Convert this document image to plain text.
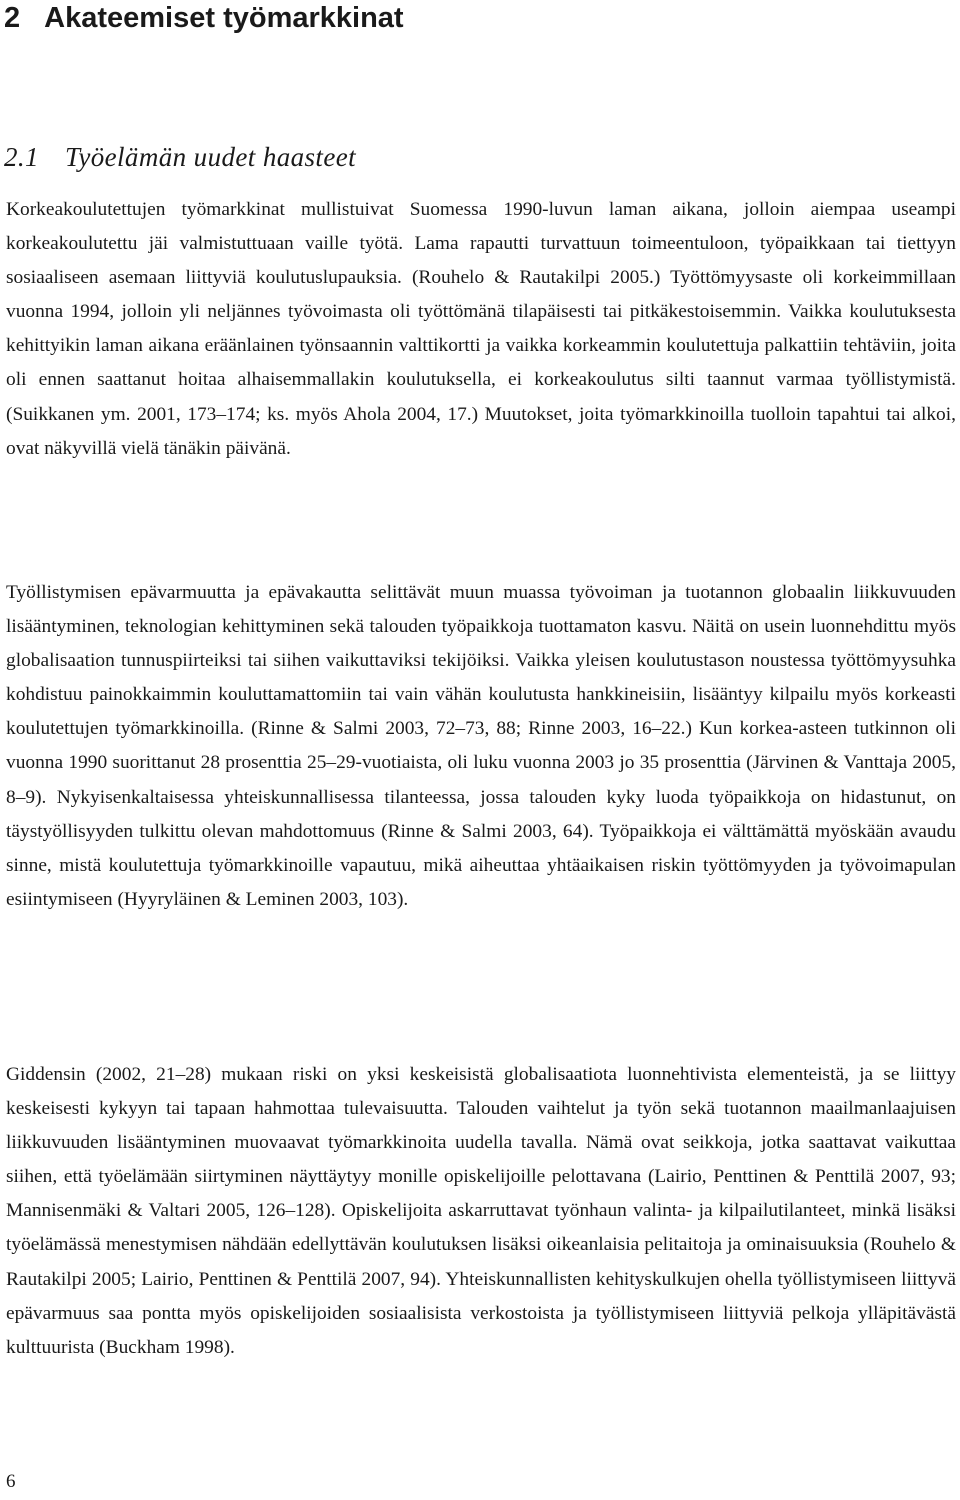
2 Akateemiset työmarkkinat
2.1 Työelämän uudet haasteet

Korkeakoulutettujen työmarkkinat mullistuivat Suomessa 1990-luvun laman aikana, jolloin aiempaa useampi korkeakoulutettu jäi valmistuttuaan vaille työtä. Lama rapautti turvattuun toimeentuloon, työpaikkaan tai tiettyyn sosiaaliseen asemaan liittyviä koulutuslupauksia. (Rouhelo & Rautakilpi 2005.) Työttömyysaste oli korkeimmillaan vuonna 1994, jolloin yli neljännes työvoimasta oli työttömänä tilapäisesti tai pitkäkestoisemmin. Vaikka koulutuksesta kehittyikin laman aikana eräänlainen työnsaannin valttikortti ja vaikka korkeammin koulutettuja palkattiin tehtäviin, joita oli ennen saattanut hoitaa alhaisemmallakin koulutuksella, ei korkeakoulutus silti taannut varmaa työllistymistä. (Suikkanen ym. 2001, 173–174; ks. myös Ahola 2004, 17.) Muutokset, joita työmarkkinoilla tuolloin tapahtui tai alkoi, ovat näkyvillä vielä tänäkin päivänä.

Työllistymisen epävarmuutta ja epävakautta selittävät muun muassa työvoiman ja tuotannon globaalin liikkuvuuden lisääntyminen, teknologian kehittyminen sekä talouden työpaikkoja tuottamaton kasvu. Näitä on usein luonnehdittu myös globalisaation tunnuspiirteiksi tai siihen vaikuttaviksi tekijöiksi. Vaikka yleisen koulutustason noustessa työttömyysuhka kohdistuu painokkaimmin kouluttamattomiin tai vain vähän koulutusta hankkineisiin, lisääntyy kilpailu myös korkeasti koulutettujen työmarkkinoilla. (Rinne & Salmi 2003, 72–73, 88; Rinne 2003, 16–22.) Kun korkea-asteen tutkinnon oli vuonna 1990 suorittanut 28 prosenttia 25–29-vuotiaista, oli luku vuonna 2003 jo 35 prosenttia (Järvinen & Vanttaja 2005, 8–9). Nykyisenkaltaisessa yhteiskunnallisessa tilanteessa, jossa talouden kyky luoda työpaikkoja on hidastunut, on täystyöllisyyden tulkittu olevan mahdottomuus (Rinne & Salmi 2003, 64). Työpaikkoja ei välttämättä myöskään avaudu sinne, mistä koulutettuja työmarkkinoille vapautuu, mikä aiheuttaa yhtäaikaisen riskin työttömyyden ja työvoimapulan esiintymiseen (Hyyryläinen & Leminen 2003, 103).

Giddensin (2002, 21–28) mukaan riski on yksi keskeisistä globalisaatiota luonnehtivista elementeistä, ja se liittyy keskeisesti kykyyn tai tapaan hahmottaa tulevaisuutta. Talouden vaihtelut ja työn sekä tuotannon maailmanlaajuisen liikkuvuuden lisääntyminen muovaavat työmarkkinoita uudella tavalla. Nämä ovat seikkoja, jotka saattavat vaikuttaa siihen, että työelämään siirtyminen näyttäytyy monille opiskelijoille pelottavana (Lairio, Penttinen & Penttilä 2007, 93; Mannisenmäki & Valtari 2005, 126–128). Opiskelijoita askarruttavat työnhaun valinta- ja kilpailutilanteet, minkä lisäksi työelämässä menestymisen nähdään edellyttävän koulutuksen lisäksi oikeanlaisia pelitaitoja ja ominaisuuksia (Rouhelo & Rautakilpi 2005; Lairio, Penttinen & Penttilä 2007, 94). Yhteiskunnallisten kehityskulkujen ohella työllistymiseen liittyvä epävarmuus saa pontta myös opiskelijoiden sosiaalisista verkostoista ja työllistymiseen liittyviä pelkoja ylläpitävästä kulttuurista (Buckham 1998).

6
